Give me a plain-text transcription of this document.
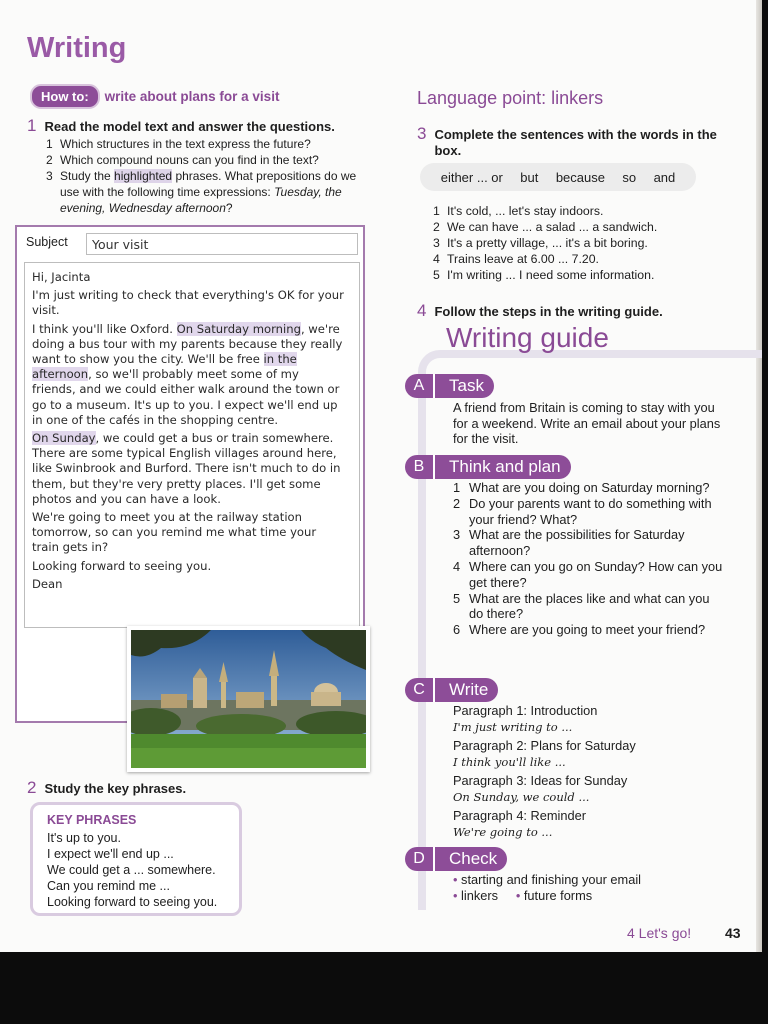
Writing
How to:	write about plans for a visit
1 Read the model text and answer the questions.
1 Which structures in the text express the future?
2 Which compound nouns can you find in the text?
3 Study the highlighted phrases. What prepositions do we use with the following time expressions: Tuesday, the evening, Wednesday afternoon?
Subject	Your visit

Hi, Jacinta

I'm just writing to check that everything's OK for your visit.

I think you'll like Oxford. On Saturday morning, we're doing a bus tour with my parents because they really want to show you the city. We'll be free in the afternoon, so we'll probably meet some of my friends, and we could either walk around the town or go to a museum. It's up to you. I expect we'll end up in one of the cafés in the shopping centre.

On Sunday, we could get a bus or train somewhere. There are some typical English villages around here, like Swinbrook and Burford. There isn't much to do in them, but they're very pretty places. I'll get some photos and you can have a look.

We're going to meet you at the railway station tomorrow, so can you remind me what time your train gets in?

Looking forward to seeing you.

Dean

2 Study the key phrases.
KEY PHRASES
It's up to you.
I expect we'll end up ...
We could get a ... somewhere.
Can you remind me ...
Looking forward to seeing you.
Language point: linkers
3 Complete the sentences with the words in the box.
either ... or but because so and
1 It's cold, ... let's stay indoors.
2 We can have ... a salad ... a sandwich.
3 It's a pretty village, ... it's a bit boring.
4 Trains leave at 6.00 ... 7.20.
5 I'm writing ... I need some information.
4 Follow the steps in the writing guide.
Writing guide
A	Task
A friend from Britain is coming to stay with you for a weekend. Write an email about your plans for the visit.
B	Think and plan
1 What are you doing on Saturday morning?
2 Do your parents want to do something with your friend? What?
3 What are the possibilities for Saturday afternoon?
4 Where can you go on Sunday? How can you get there?
5 What are the places like and what can you do there?
6 Where are you going to meet your friend?
C	Write
Paragraph 1: Introduction
I'm just writing to ...
Paragraph 2: Plans for Saturday
I think you'll like ...
Paragraph 3: Ideas for Sunday
On Sunday, we could ...
Paragraph 4: Reminder
We're going to ...
D	Check
• starting and finishing your email
• linkers • future forms
4 Let's go! 43
